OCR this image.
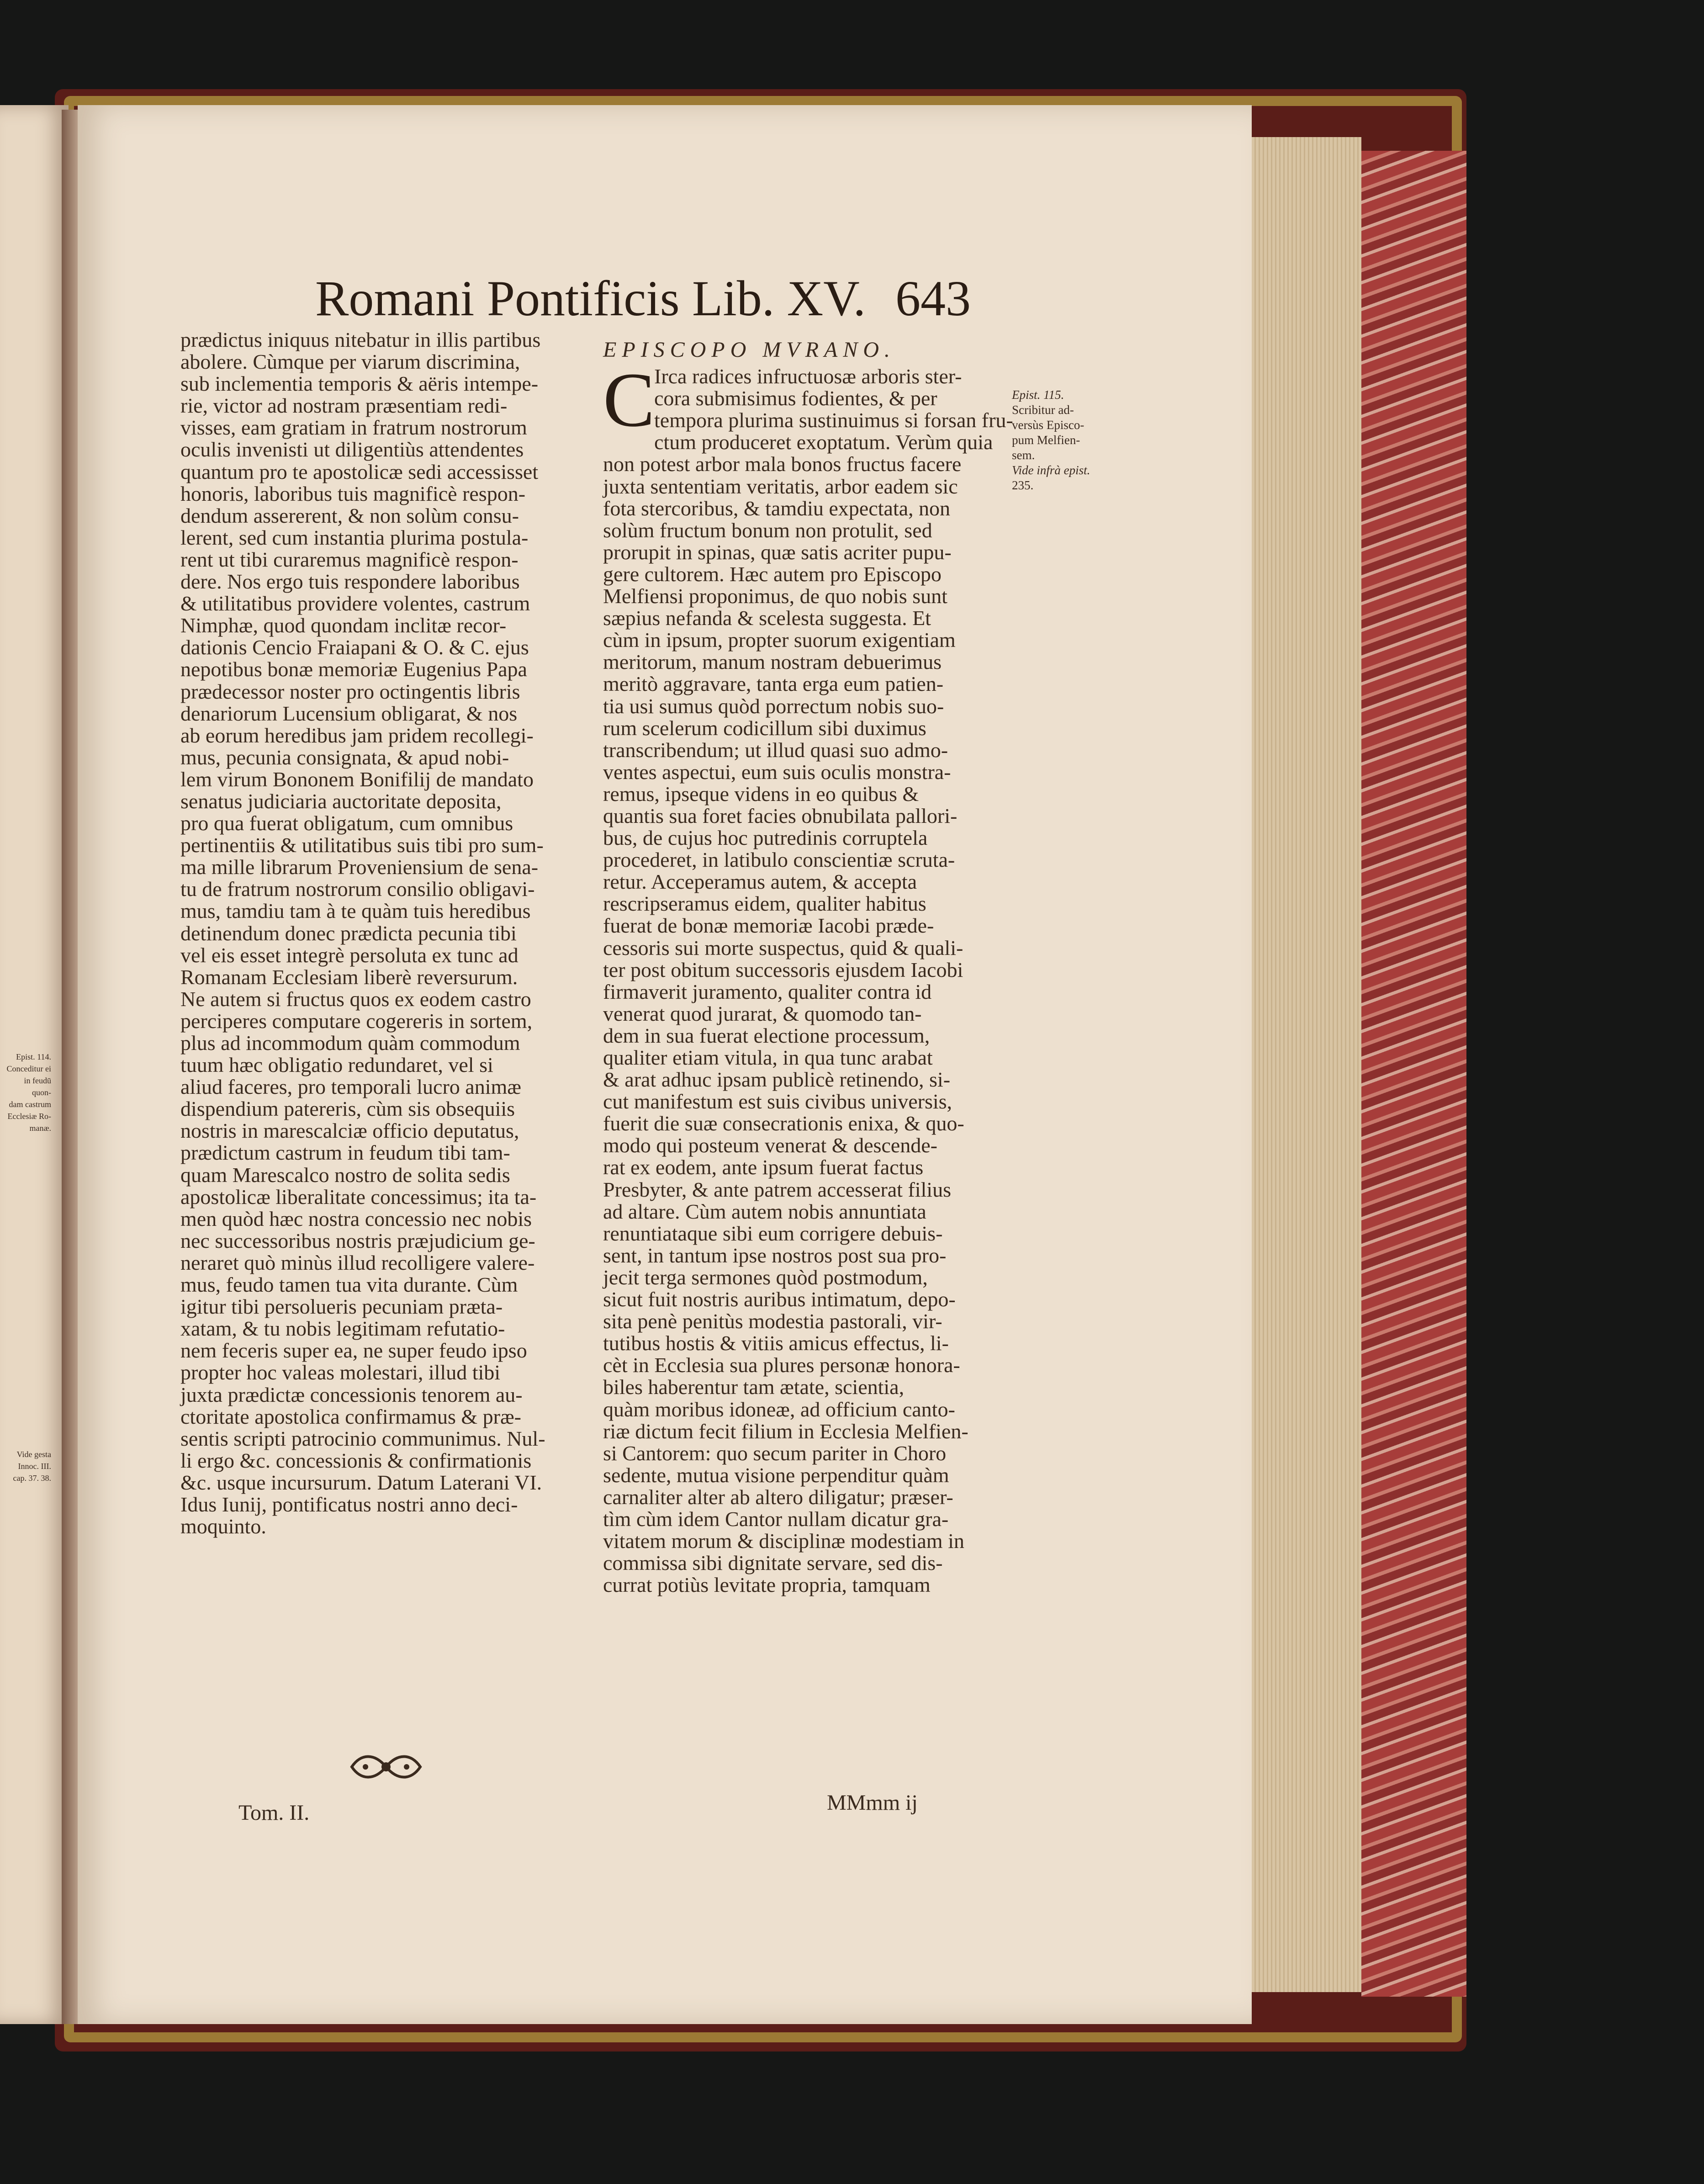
Epist. 114.
Conceditur ei
in feudū quon-
dam castrum
Ecclesiæ Ro-
manæ.
Vide gesta
Innoc. III.
cap. 37. 38.
Romani Pontificis Lib. XV. 643
prædictus iniquus nitebatur in illis partibus
abolere. Cùmque per viarum discrimina,
sub inclementia temporis & aëris intempe-
rie, victor ad nostram præsentiam redi-
visses, eam gratiam in fratrum nostrorum
oculis invenisti ut diligentiùs attendentes
quantum pro te apostolicæ sedi accessisset
honoris, laboribus tuis magnificè respon-
dendum assererent, & non solùm consu-
lerent, sed cum instantia plurima postula-
rent ut tibi curaremus magnificè respon-
dere. Nos ergo tuis respondere laboribus
& utilitatibus providere volentes, castrum
Nimphæ, quod quondam inclitæ recor-
dationis Cencio Fraiapani & O. & C. ejus
nepotibus bonæ memoriæ Eugenius Papa
prædecessor noster pro octingentis libris
denariorum Lucensium obligarat, & nos
ab eorum heredibus jam pridem recollegi-
mus, pecunia consignata, & apud nobi-
lem virum Bononem Bonifilij de mandato
senatus judiciaria auctoritate deposita,
pro qua fuerat obligatum, cum omnibus
pertinentiis & utilitatibus suis tibi pro sum-
ma mille librarum Proveniensium de sena-
tu de fratrum nostrorum consilio obligavi-
mus, tamdiu tam à te quàm tuis heredibus
detinendum donec prædicta pecunia tibi
vel eis esset integrè persoluta ex tunc ad
Romanam Ecclesiam liberè reversurum.
Ne autem si fructus quos ex eodem castro
perciperes computare cogereris in sortem,
plus ad incommodum quàm commodum
tuum hæc obligatio redundaret, vel si
aliud faceres, pro temporali lucro animæ
dispendium patereris, cùm sis obsequiis
nostris in marescalciæ officio deputatus,
prædictum castrum in feudum tibi tam-
quam Marescalco nostro de solita sedis
apostolicæ liberalitate concessimus; ita ta-
men quòd hæc nostra concessio nec nobis
nec successoribus nostris præjudicium ge-
neraret quò minùs illud recolligere valere-
mus, feudo tamen tua vita durante. Cùm
igitur tibi persolueris pecuniam præta-
xatam, & tu nobis legitimam refutatio-
nem feceris super ea, ne super feudo ipso
propter hoc valeas molestari, illud tibi
juxta prædictæ concessionis tenorem au-
ctoritate apostolica confirmamus & præ-
sentis scripti patrocinio communimus. Nul-
li ergo &c. concessionis & confirmationis
&c. usque incursurum. Datum Laterani VI.
Idus Iunij, pontificatus nostri anno deci-
moquinto.
EPISCOPO MVRANO.
C
Irca radices infructuosæ arboris ster-
cora submisimus fodientes, & per
tempora plurima sustinuimus si forsan fru-
ctum produceret exoptatum. Verùm quia
non potest arbor mala bonos fructus facere
juxta sententiam veritatis, arbor eadem sic
fota stercoribus, & tamdiu expectata, non
solùm fructum bonum non protulit, sed
prorupit in spinas, quæ satis acriter pupu-
gere cultorem. Hæc autem pro Episcopo
Melfiensi proponimus, de quo nobis sunt
sæpius nefanda & scelesta suggesta. Et
cùm in ipsum, propter suorum exigentiam
meritorum, manum nostram debuerimus
meritò aggravare, tanta erga eum patien-
tia usi sumus quòd porrectum nobis suo-
rum scelerum codicillum sibi duximus
transcribendum; ut illud quasi suo admo-
ventes aspectui, eum suis oculis monstra-
remus, ipseque videns in eo quibus &
quantis sua foret facies obnubilata pallori-
bus, de cujus hoc putredinis corruptela
procederet, in latibulo conscientiæ scruta-
retur. Acceperamus autem, & accepta
rescripseramus eidem, qualiter habitus
fuerat de bonæ memoriæ Iacobi præde-
cessoris sui morte suspectus, quid & quali-
ter post obitum successoris ejusdem Iacobi
firmaverit juramento, qualiter contra id
venerat quod jurarat, & quomodo tan-
dem in sua fuerat electione processum,
qualiter etiam vitula, in qua tunc arabat
& arat adhuc ipsam publicè retinendo, si-
cut manifestum est suis civibus universis,
fuerit die suæ consecrationis enixa, & quo-
modo qui posteum venerat & descende-
rat ex eodem, ante ipsum fuerat factus
Presbyter, & ante patrem accesserat filius
ad altare. Cùm autem nobis annuntiata
renuntiataque sibi eum corrigere debuis-
sent, in tantum ipse nostros post sua pro-
jecit terga sermones quòd postmodum,
sicut fuit nostris auribus intimatum, depo-
sita penè penitùs modestia pastorali, vir-
tutibus hostis & vitiis amicus effectus, li-
cèt in Ecclesia sua plures personæ honora-
biles haberentur tam ætate, scientia,
quàm moribus idoneæ, ad officium canto-
riæ dictum fecit filium in Ecclesia Melfien-
si Cantorem: quo secum pariter in Choro
sedente, mutua visione perpenditur quàm
carnaliter alter ab altero diligatur; præser-
tìm cùm idem Cantor nullam dicatur gra-
vitatem morum & disciplinæ modestiam in
commissa sibi dignitate servare, sed dis-
currat potiùs levitate propria, tamquam
Epist. 115.
Scribitur ad-
versùs Episco-
pum Melfien-
sem.
Vide infrà epist.
235.
Tom. II.	MMmm ij
